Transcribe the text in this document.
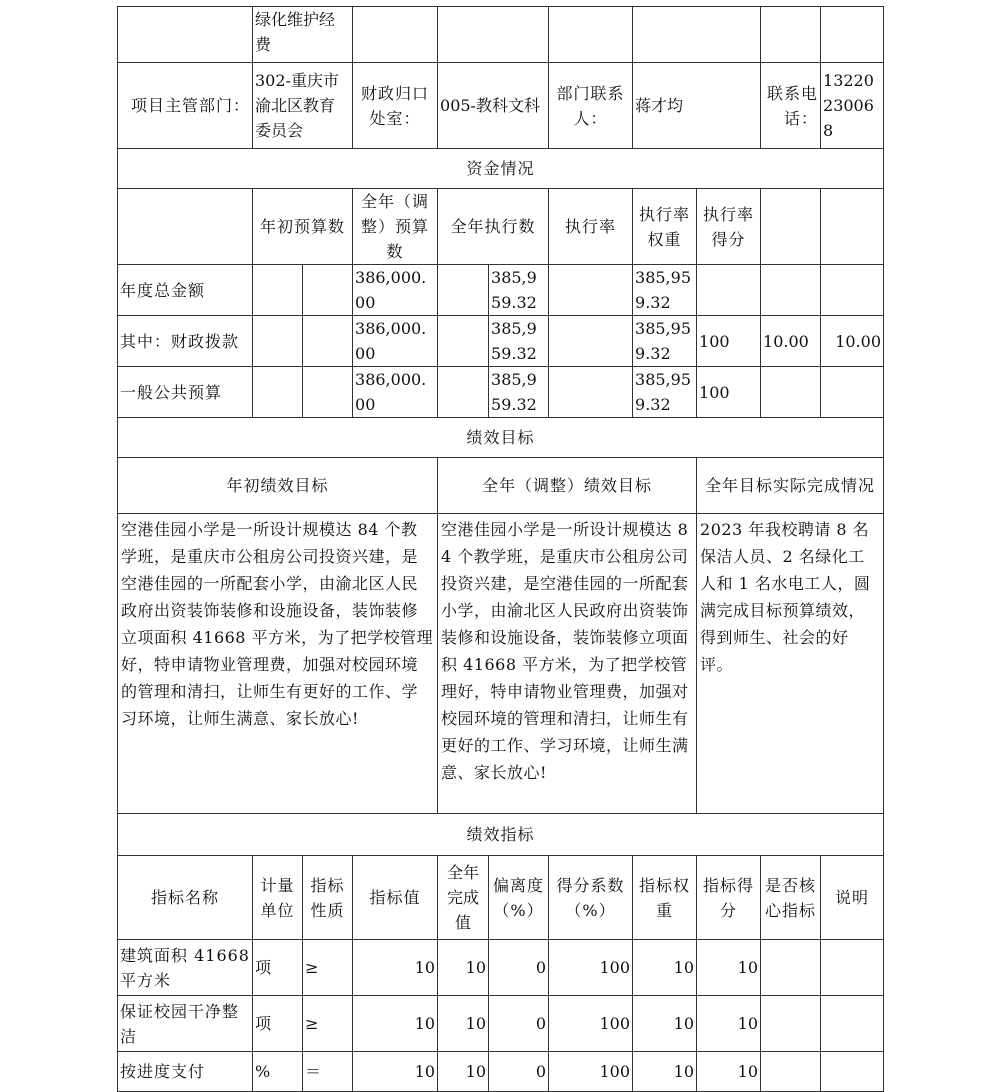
	绿化维护经费									
项目主管部门：	302-重庆市渝北区教育委员会		财政归口处室：	005-教科文科		部门联系人：	蒋才均		联系电话：	13220230068
资金情况										
	年初预算数		全年（调整）预算数	全年执行数		执行率	执行率权重	执行率得分		
年度总金额			386,000.00		385,959.32		385,959.32			
其中：财政拨款			386,000.00		385,959.32		385,959.32	100	10.00	10.00
一般公共预算			386,000.00		385,959.32		385,959.32	100		
绩效目标										
年初绩效目标				全年（调整）绩效目标				全年目标实际完成情况		
空港佳园小学是一所设计规模达 84 个教学班，是重庆市公租房公司投资兴建，是空港佳园的一所配套小学，由渝北区人民政府出资装饰装修和设施设备，装饰装修立项面积 41668 平方米，为了把学校管理好，特申请物业管理费，加强对校园环境的管理和清扫，让师生有更好的工作、学习环境，让师生满意、家长放心!				空港佳园小学是一所设计规模达 84 个教学班，是重庆市公租房公司投资兴建，是空港佳园的一所配套小学，由渝北区人民政府出资装饰装修和设施设备，装饰装修立项面积 41668 平方米，为了把学校管理好，特申请物业管理费，加强对校园环境的管理和清扫，让师生有更好的工作、学习环境，让师生满意、家长放心!				2023 年我校聘请 8 名保洁人员、2 名绿化工人和 1 名水电工人，圆满完成目标预算绩效，得到师生、社会的好评。		
绩效指标										
指标名称	计量单位	指标性质	指标值	全年完成值	偏离度（%）	得分系数（%）	指标权重	指标得分	是否核心指标	说明
建筑面积 41668 平方米	项	≥	10	10	0	100	10	10		
保证校园干净整洁	项	≥	10	10	0	100	10	10		
按进度支付	%	＝	10	10	0	100	10	10		
